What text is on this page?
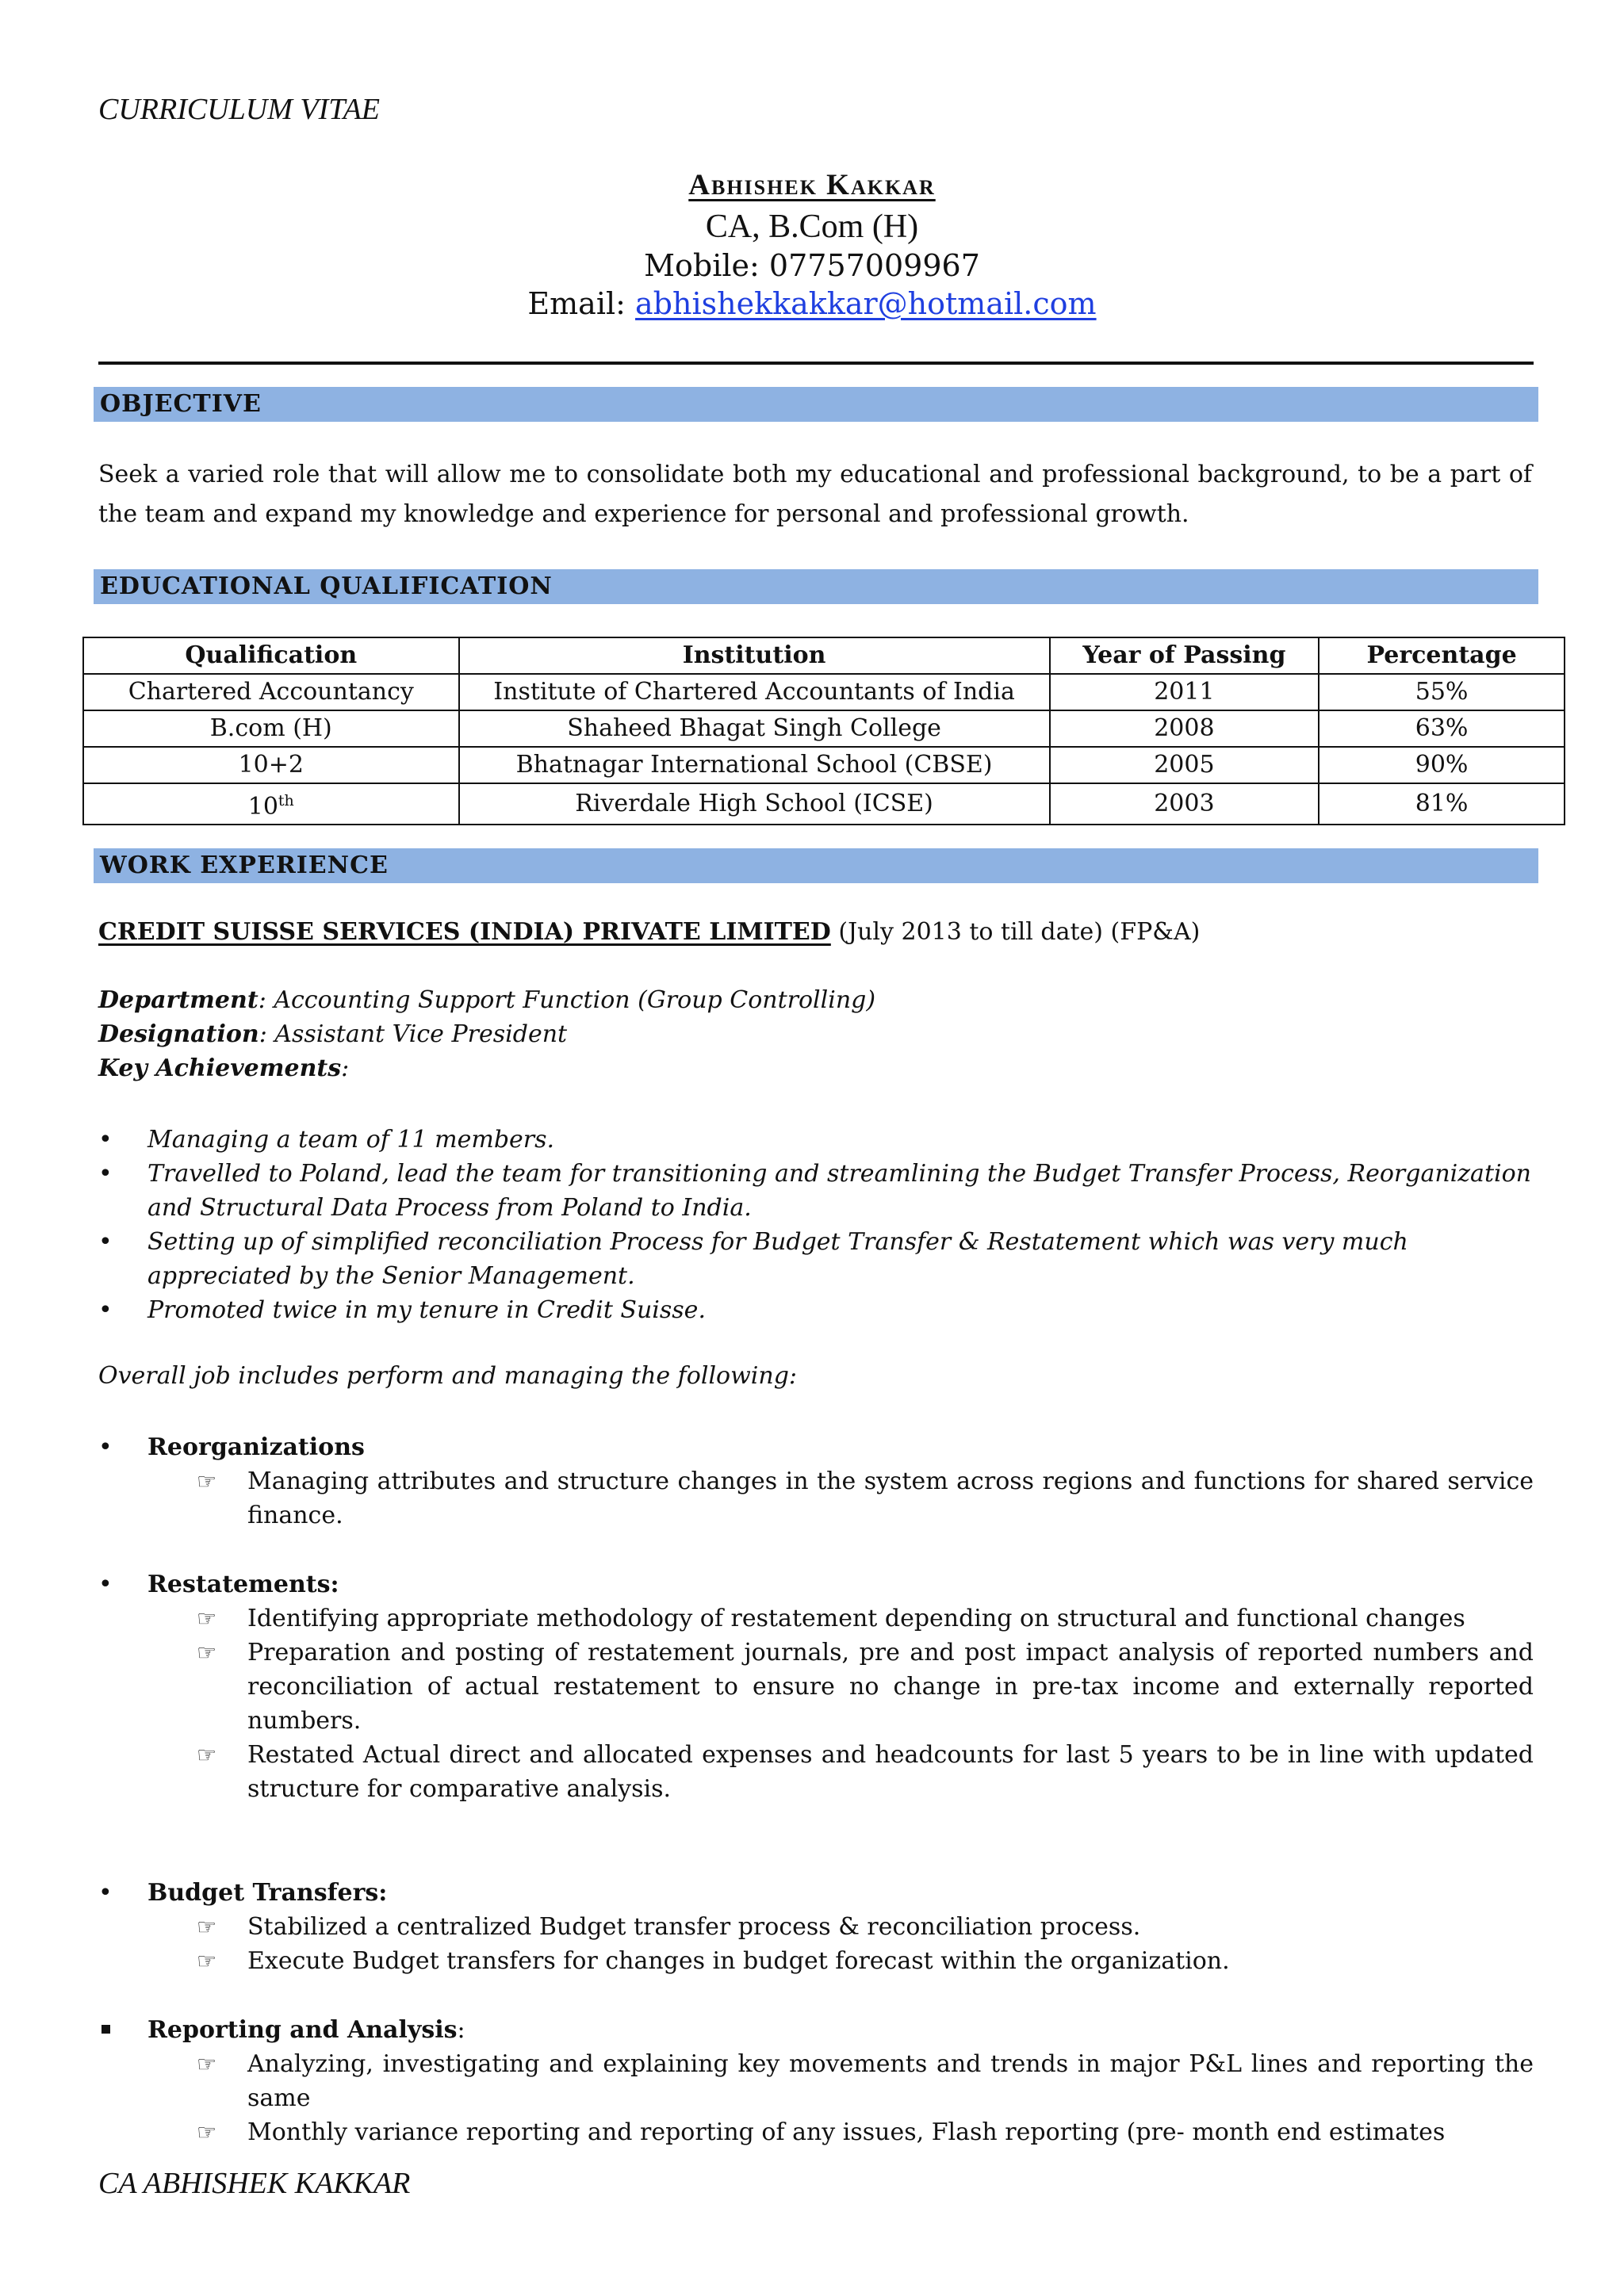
CURRICULUM VITAE
Abhishek Kakkar
CA, B.Com (H)
Mobile: 07757009967
Email: abhishekkakkar@hotmail.com
OBJECTIVE
Seek a varied role that will allow me to consolidate both my educational and professional background, to be a part of the team and expand my knowledge and experience for personal and professional growth.
EDUCATIONAL QUALIFICATION
Qualification	Institution	Year of Passing	Percentage
Chartered Accountancy	Institute of Chartered Accountants of India	2011	55%
B.com (H)	Shaheed Bhagat Singh College	2008	63%
10+2	Bhatnagar International School (CBSE)	2005	90%
10th	Riverdale High School (ICSE)	2003	81%
WORK EXPERIENCE
CREDIT SUISSE SERVICES (INDIA) PRIVATE LIMITED (July 2013 to till date) (FP&A)
Department: Accounting Support Function (Group Controlling)
Designation: Assistant Vice President
Key Achievements:
• Managing a team of 11 members.
• Travelled to Poland, lead the team for transitioning and streamlining the Budget Transfer Process, Reorganization and Structural Data Process from Poland to India.
• Setting up of simplified reconciliation Process for Budget Transfer & Restatement which was very much appreciated by the Senior Management.
• Promoted twice in my tenure in Credit Suisse.
Overall job includes perform and managing the following:
• Reorganizations
☞ Managing attributes and structure changes in the system across regions and functions for shared service finance.
• Restatements:
☞ Identifying appropriate methodology of restatement depending on structural and functional changes
☞ Preparation and posting of restatement journals, pre and post impact analysis of reported numbers and reconciliation of actual restatement to ensure no change in pre-tax income and externally reported numbers.
☞ Restated Actual direct and allocated expenses and headcounts for last 5 years to be in line with updated structure for comparative analysis.
• Budget Transfers:
☞ Stabilized a centralized Budget transfer process & reconciliation process.
☞ Execute Budget transfers for changes in budget forecast within the organization.
Reporting and Analysis:
☞ Analyzing, investigating and explaining key movements and trends in major P&L lines and reporting the same
☞ Monthly variance reporting and reporting of any issues, Flash reporting (pre- month end estimates
CA ABHISHEK KAKKAR
